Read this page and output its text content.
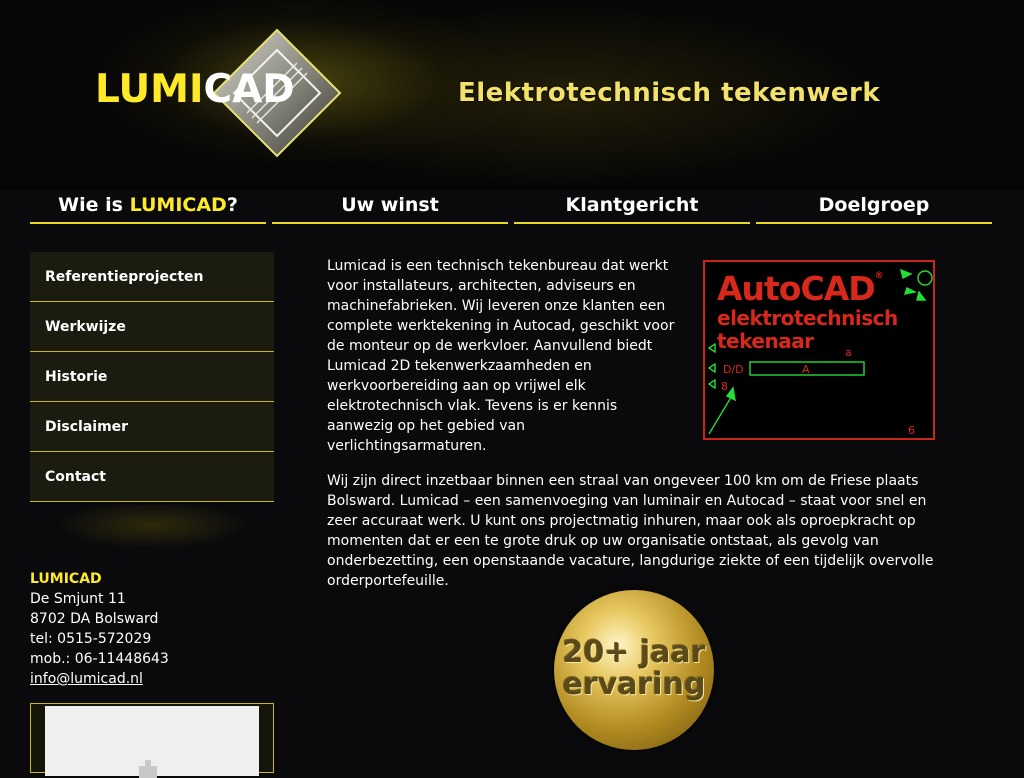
LUMICAD	Elektrotechnisch tekenwerk
Wie is LUMICAD?	Uw winst	Klantgericht	Doelgroep
Referentieprojecten
Werkwijze
Historie
Disclaimer
Contact
LUMICAD
De Smjunt 11
8702 DA Bolsward
tel: 0515-572029
mob.: 06-11448643
info@lumicad.nl

Lumicad is een technisch tekenbureau dat werkt voor installateurs, architecten, adviseurs en machinefabrieken. Wij leveren onze klanten een complete werktekening in Autocad, geschikt voor de monteur op de werkvloer. Aanvullend biedt Lumicad 2D tekenwerkzaamheden en werkvoorbereiding aan op vrijwel elk elektrotechnisch vlak. Tevens is er kennis aanwezig op het gebied van verlichtingsarmaturen.

Wij zijn direct inzetbaar binnen een straal van ongeveer 100 km om de Friese plaats Bolsward. Lumicad – een samenvoeging van luminair en Autocad – staat voor snel en zeer accuraat werk. U kunt ons projectmatig inhuren, maar ook als oproepkracht op momenten dat er een te grote druk op uw organisatie ontstaat, als gevolg van onderbezetting, een openstaande vacature, langdurige ziekte of een tijdelijk overvolle orderportefeuille.

AutoCAD®
elektrotechnisch
tekenaar	a
D/D	A
8
6
20+ jaar
ervaring
